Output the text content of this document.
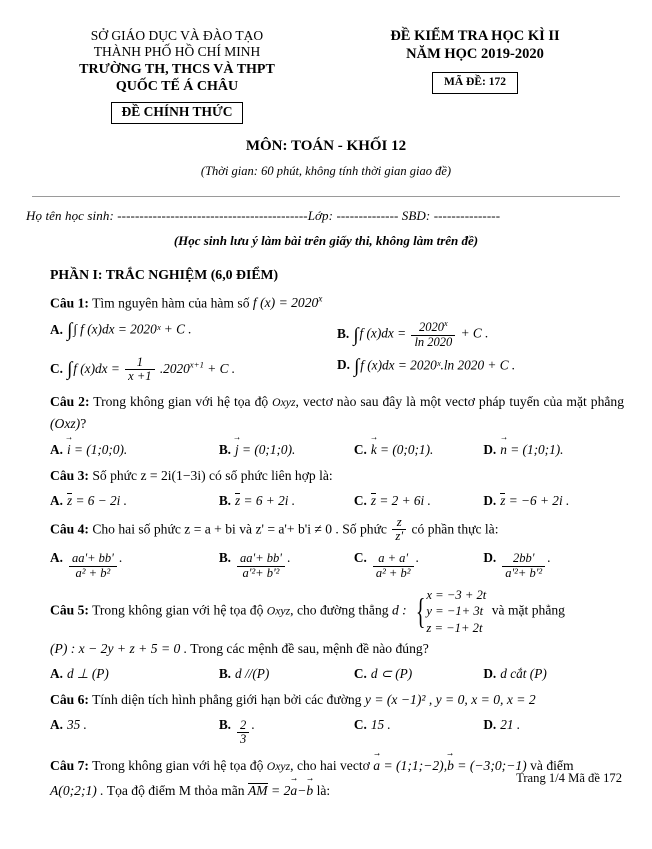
SỞ GIÁO DỤC VÀ ĐÀO TẠO
THÀNH PHỐ HỒ CHÍ MINH
TRƯỜNG TH, THCS VÀ THPT
QUỐC TẾ Á CHÂU
ĐỀ CHÍNH THỨC
ĐỀ KIỂM TRA HỌC KÌ II
NĂM HỌC 2019-2020
MÃ ĐỀ: 172
MÔN: TOÁN - KHỐI 12
(Thời gian: 60 phút, không tính thời gian giao đề)
Họ tên học sinh: -------------------------------------------Lớp: -------------- SBD: ---------------
(Học sinh lưu ý làm bài trên giấy thi, không làm trên đề)
PHẦN I: TRẮC NGHIỆM (6,0 ĐIỂM)
Câu 1: Tìm nguyên hàm của hàm số f $(x) = 2020^x$
A. ∫∫ f (x)dx = 2020ˣ + C .	B. ∫f $(x)dx = \frac{2020^x}{\ln 2020} + C$ .
C. ∫f $(x)dx = \frac{1}{x +1} .2020^{x+1} + C$ .	D. ∫f (x)dx = 2020ˣ.ln 2020 + C .
Câu 2: Trong không gian với hệ tọa độ Oxyz, vectơ nào sau đây là một vectơ pháp tuyến của mặt phẳng (Oxz)?
A. → i = (1;0;0).	B. → j = (0;1;0).	C. → k = (0;0;1).	D. → n = (1;0;1).
Câu 3: Số phức z = 2i(1−3i) có số phức liên hợp là:
A. z = 6 − 2i .	B. z = 6 + 2i .	C. z = 2 + 6i .	D. z = −6 + 2i .
Câu 4: Cho hai số phức z = a + bi và z' = a'+ b'i ≠ 0 . Số phức $\frac{z}{z'}$ có phần thực là:
A. $\frac{aa'+ bb'}{\text{a² + b²}}$ .	B. $\frac{aa'+ bb'}{\text{a'²+ b'²}}$ .	C. $\frac{a + a'}{\text{a² + b²}}$ .	D. $\frac{2bb'}{\text{a'²+ b'²}}$ .
Câu 5: Trong không gian với hệ tọa độ Oxyz, cho đường thẳng d : { x = −3 + 2t
y = −1+ 3t
z = −1+ 2t
và mặt phẳng
(P) : x − 2y + z + 5 = 0 . Trong các mệnh đề sau, mệnh đề nào đúng?
A. d ⊥ (P)	B. d //(P)	C. d ⊂ (P)	D. d cắt (P)
Câu 6: Tính diện tích hình phẳng giới hạn bởi các đường y = (x −1)² , y = 0, x = 0, x = 2
A. 35 .	B. $\frac{2}{3}$ .	C. 15 .	D. 21 .
Câu 7: Trong không gian với hệ tọa độ Oxyz, cho hai vectơ → a = (1;1;−2),→ b = (−3;0;−1) và điểm
A(0;2;1) . Tọa độ điểm M thỏa mãn AM = 2→ a−→ b là:
Trang 1/4 Mã đề 172
